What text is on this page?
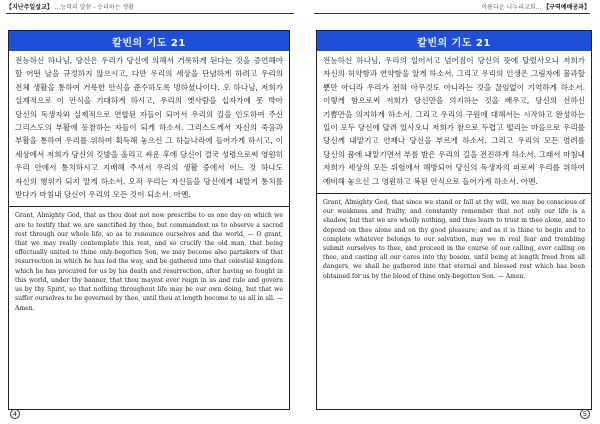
【지난주일설교】 ...능력의 말씀 - 승리하는 생활
칼빈의 기도 21
전능하신 하나님, 당신은 우리가 당신에 의해서 거룩하게 된다는 것을 증언해야 할 어떤 날을 규정하지 않으시고, 다만 우리의 세상을 단념하게 하려고 우리의 전체 생활을 통하여 거룩한 안식을 준수하도록 명하셨나이다. 오 하나님, 저희가 실제적으로 이 안식을 기대하게 하시고, 우리의 옛사람을 십자가에 못 박아 당신의 독생자와 실제적으로 연합된 자들이 되어서 우리의 길을 인도하여 주신 그리스도의 부활에 동참하는 자들이 되게 하소서. 그리스도께서 자신의 죽음과 부활을 통하여 우리를 위하여 획득해 놓으신 그 하늘나라에 들어가게 하시고, 이 세상에서 저희가 당신의 깃발을 올리고 싸운 후에 당신이 결국 성령으로써 영원히 우리 안에서 통치하시고 지배해 주셔서 우리의 생활 중에서 어느 것 하나도 자신의 행위가 되지 말게 하소서. 오직 우리는 자신들을 당신에게 내맡겨 통치를 받다가 마침내 당신이 우리의 모든 것이 되소서. 아멘.
Grant, Almighty God, that as thou dost not now prescribe to us one day on which we are to testify that we are sanctified by thee, but commandest us to observe a sacred rest through our whole life, so as to renounce ourselves and the world, — O grant, that we may really contemplate this rest, and so crucify the old man, that being effectually united to thine only-begotten Son, we may become also partakers of that resurrection in which he has led the way, and be gathered into that celestial kingdom which he has procured for us by his death and resurrection, after having so fought in this world, under thy banner, that thou mayest ever reign in us and rule and govern us by thy Spirit, so that nothing throughout life may be our own doing, but that we suffer ourselves to be governed by thee, until thou at length become to us all in all. — Amen.
4
아름다운 나누리교회... 【구역예배공과】
칼빈의 기도 21
전능하신 하나님, 우리의 일어서고 넘어짐이 당신의 뜻에 달렸사오니 저희가 자신의 허약함과 연약함을 알게 하소서. 그리고 우리의 인생은 그림자에 불과할 뿐만 아니라 우리가 전혀 아무것도 아니라는 것을 끊임없이 기억하게 하소서. 이렇게 함으로써 저희가 당신만을 의지하는 것을 배우고, 당신의 선하신 기쁨만을 의지하게 하소서. 그리고 우리의 구원에 대해서는 시작하고 완성하는 일이 모두 당신에 달려 있사오니 저희가 참으로 두렵고 떨리는 마음으로 우리를 당신께 내맡기고 언제나 당신을 부르게 하소서. 그리고 우리의 모든 염려를 당신의 품에 내맡기면서 부름 받은 우리의 길을 전진하게 하소서. 그래서 마침내 저희가 세상의 모든 위험에서 해방되어 당신의 독생자의 피로써 우리를 위하여 예비해 놓으신 그 영원하고 복된 안식으로 들어가게 하소서. 아멘.
Grant, Almighty God, that since we stand or fall at thy will, we may be conscious of our weakness and frailty, and constantly remember that not only our life is a shadow, but that we are wholly nothing, and thus learn to trust in thee alone, and to depend on thee alone and on thy good pleasure; and as it is thine to begin and to complete whatever belongs to our salvation, may we in real fear and trembling submit ourselves to thee, and proceed in the course of our calling, ever calling on thee, and casting all our cares into thy bosom, until being at length freed from all dangers, we shall be gathered into that eternal and blessed rest which has been obtained for us by the blood of thine only-begotten Son. — Amen.
5
